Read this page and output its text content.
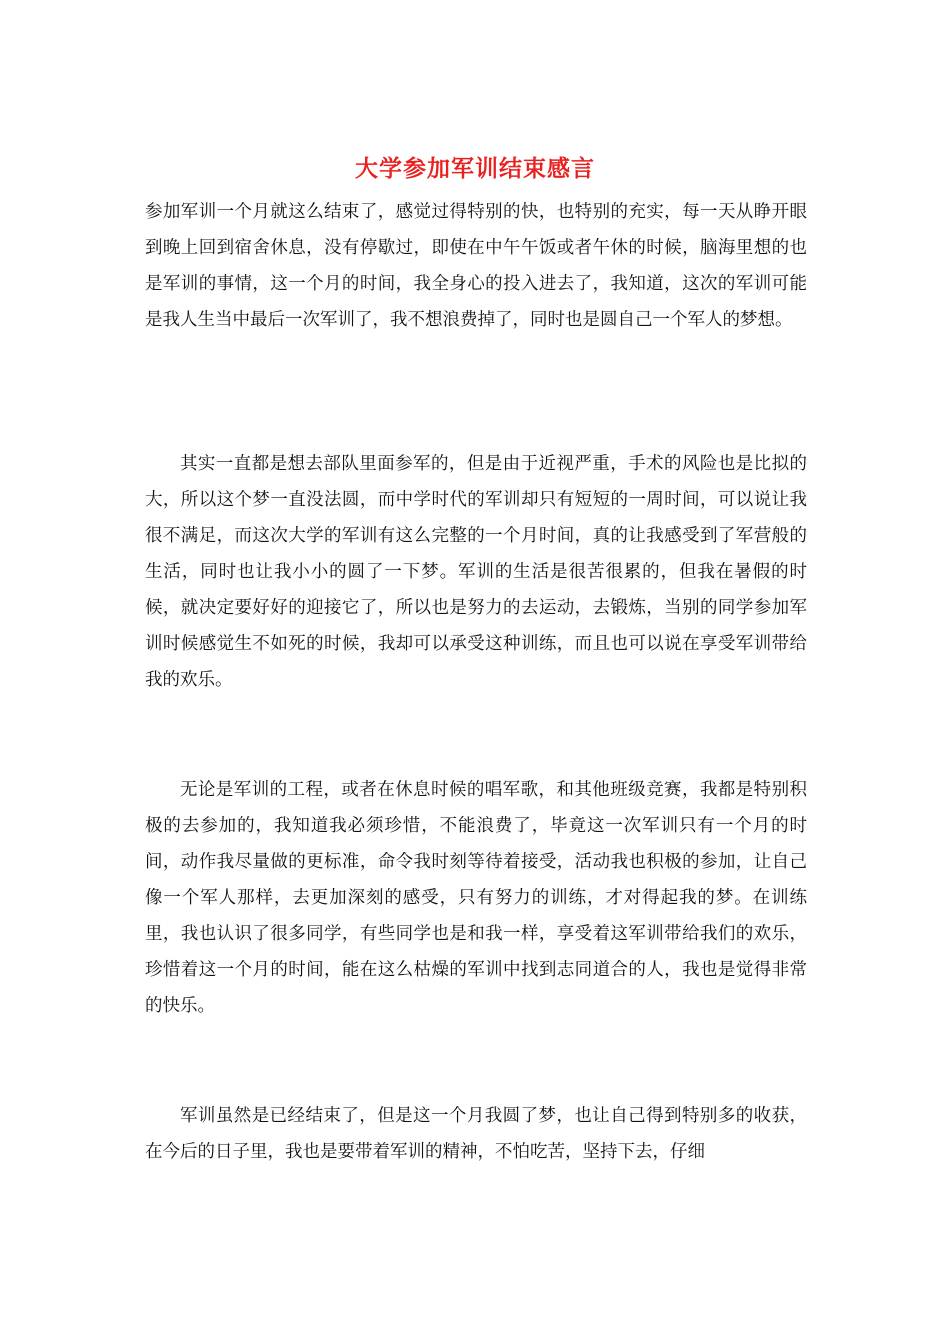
大学参加军训结束感言

参加军训一个月就这么结束了，感觉过得特别的快，也特别的充实，每一天从睁开眼到晚上回到宿舍休息，没有停歇过，即使在中午午饭或者午休的时候，脑海里想的也是军训的事情，这一个月的时间，我全身心的投入进去了，我知道，这次的军训可能是我人生当中最后一次军训了，我不想浪费掉了，同时也是圆自己一个军人的梦想。

其实一直都是想去部队里面参军的，但是由于近视严重，手术的风险也是比拟的大，所以这个梦一直没法圆，而中学时代的军训却只有短短的一周时间，可以说让我很不满足，而这次大学的军训有这么完整的一个月时间，真的让我感受到了军营般的生活，同时也让我小小的圆了一下梦。军训的生活是很苦很累的，但我在暑假的时候，就决定要好好的迎接它了，所以也是努力的去运动，去锻炼，当别的同学参加军训时候感觉生不如死的时候，我却可以承受这种训练，而且也可以说在享受军训带给我的欢乐。

无论是军训的工程，或者在休息时候的唱军歌，和其他班级竞赛，我都是特别积极的去参加的，我知道我必须珍惜，不能浪费了，毕竟这一次军训只有一个月的时间，动作我尽量做的更标准，命令我时刻等待着接受，活动我也积极的参加，让自己像一个军人那样，去更加深刻的感受，只有努力的训练，才对得起我的梦。在训练里，我也认识了很多同学，有些同学也是和我一样，享受着这军训带给我们的欢乐，珍惜着这一个月的时间，能在这么枯燥的军训中找到志同道合的人，我也是觉得非常的快乐。

军训虽然是已经结束了，但是这一个月我圆了梦，也让自己得到特别多的收获，在今后的日子里，我也是要带着军训的精神，不怕吃苦，坚持下去，仔细
